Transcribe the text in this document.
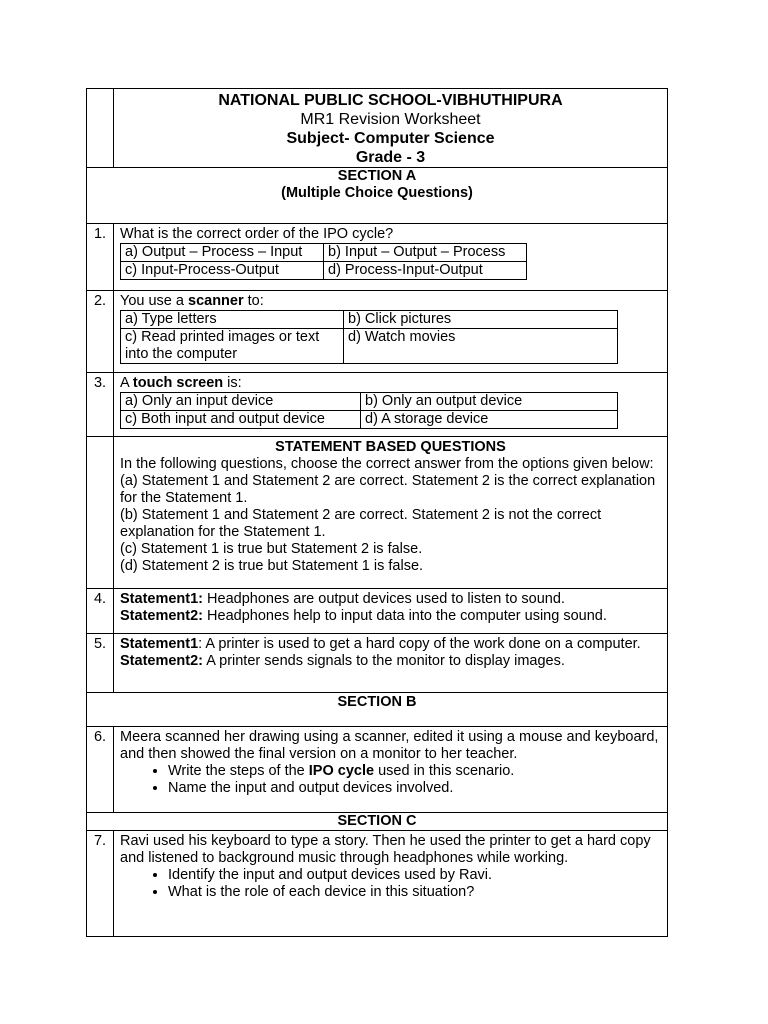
NATIONAL PUBLIC SCHOOL-VIBHUTHIPURA
MR1 Revision Worksheet
Subject- Computer Science
Grade - 3

SECTION A
(Multiple Choice Questions)

1.	What is the correct order of the IPO cycle?
a) Output – Process – Input	b) Input – Output – Process
c) Input-Process-Output	d) Process-Input-Output

2.	You use a scanner to:
a) Type letters	b) Click pictures
c) Read printed images or text into the computer	d) Watch movies

3.	A touch screen is:
a) Only an input device	b) Only an output device
c) Both input and output device	d) A storage device

STATEMENT BASED QUESTIONS
In the following questions, choose the correct answer from the options given below:
(a) Statement 1 and Statement 2 are correct. Statement 2 is the correct explanation for the Statement 1.
(b) Statement 1 and Statement 2 are correct. Statement 2 is not the correct explanation for the Statement 1.
(c) Statement 1 is true but Statement 2 is false.
(d) Statement 2 is true but Statement 1 is false.

4.	Statement1: Headphones are output devices used to listen to sound.
Statement2: Headphones help to input data into the computer using sound.

5.	Statement1: A printer is used to get a hard copy of the work done on a computer.
Statement2: A printer sends signals to the monitor to display images.

SECTION B

6.	Meera scanned her drawing using a scanner, edited it using a mouse and keyboard, and then showed the final version on a monitor to her teacher.
• Write the steps of the IPO cycle used in this scenario.
• Name the input and output devices involved.

SECTION C

7.	Ravi used his keyboard to type a story. Then he used the printer to get a hard copy and listened to background music through headphones while working.
• Identify the input and output devices used by Ravi.
• What is the role of each device in this situation?
